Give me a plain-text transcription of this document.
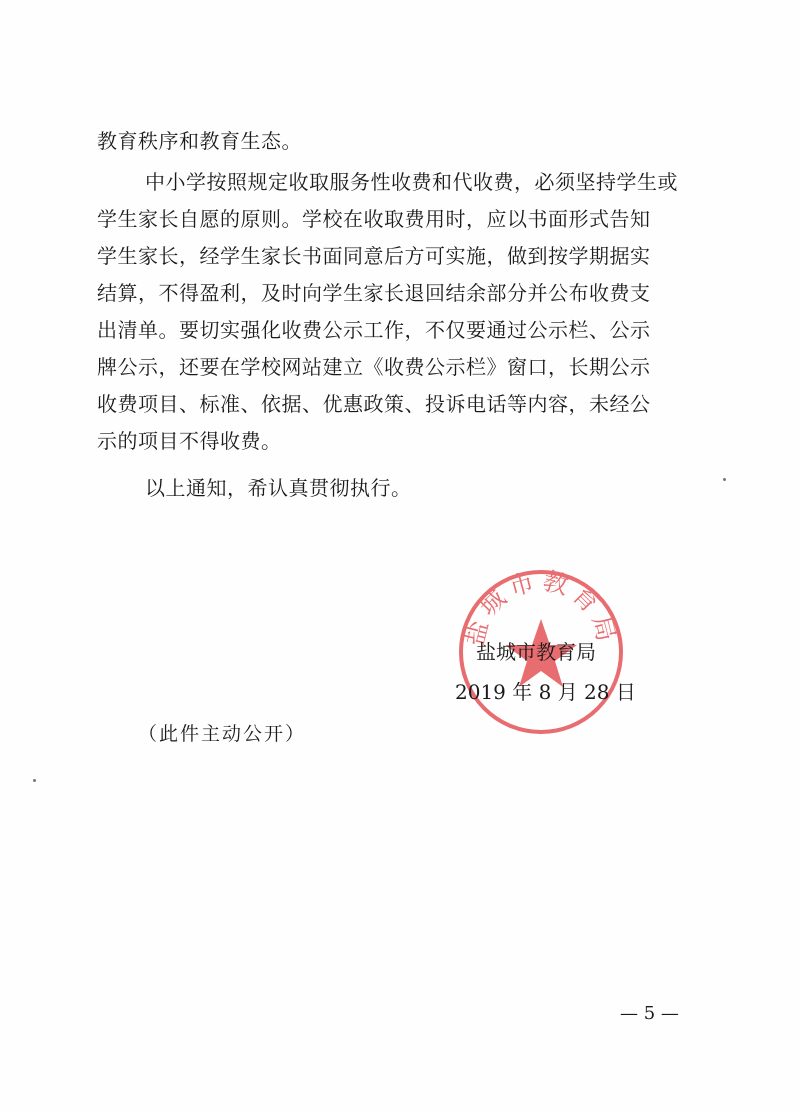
教育秩序和教育生态。
中小学按照规定收取服务性收费和代收费，必须坚持学生或
学生家长自愿的原则。学校在收取费用时，应以书面形式告知
学生家长，经学生家长书面同意后方可实施，做到按学期据实
结算，不得盈利，及时向学生家长退回结余部分并公布收费支
出清单。要切实强化收费公示工作，不仅要通过公示栏、公示
牌公示，还要在学校网站建立《收费公示栏》窗口，长期公示
收费项目、标准、依据、优惠政策、投诉电话等内容，未经公
示的项目不得收费。
以上通知，希认真贯彻执行。
盐城市教育局
盐城市教育局
2019 年 8 月 28 日
（此件主动公开）
— 5 —
